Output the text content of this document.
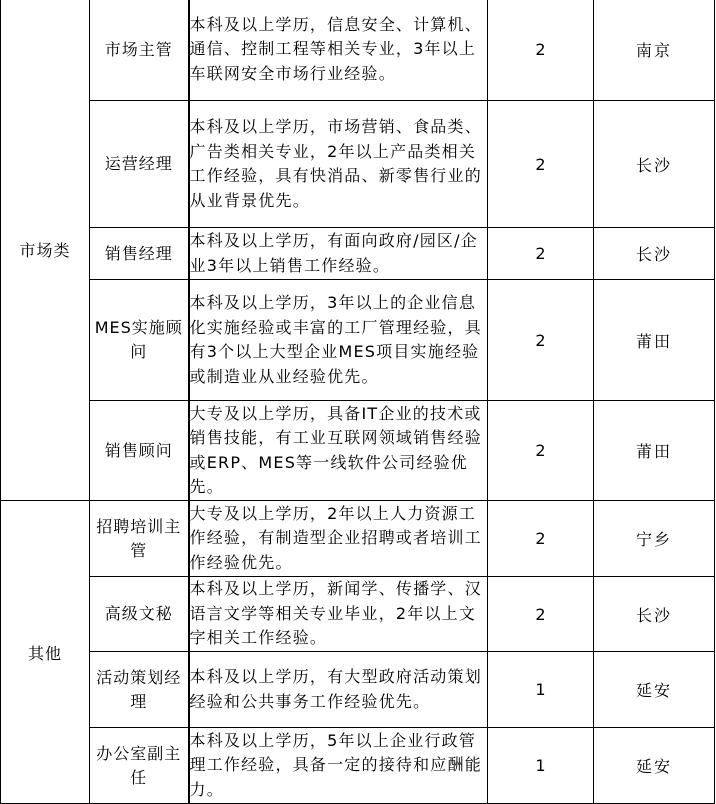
市场类	市场主管	本科及以上学历，信息安全、计算机、通信、控制工程等相关专业，3年以上车联网安全市场行业经验。	2	南京
	运营经理	本科及以上学历，市场营销、食品类、广告类相关专业，2年以上产品类相关工作经验，具有快消品、新零售行业的从业背景优先。	2	长沙
	销售经理	本科及以上学历，有面向政府/园区/企业3年以上销售工作经验。	2	长沙
	MES实施顾问	本科及以上学历，3年以上的企业信息化实施经验或丰富的工厂管理经验，具有3个以上大型企业MES项目实施经验或制造业从业经验优先。	2	莆田
	销售顾问	大专及以上学历，具备IT企业的技术或销售技能，有工业互联网领域销售经验或ERP、MES等一线软件公司经验优先。	2	莆田
其他	招聘培训主管	大专及以上学历，2年以上人力资源工作经验，有制造型企业招聘或者培训工作经验优先。	2	宁乡
	高级文秘	本科及以上学历，新闻学、传播学、汉语言文学等相关专业毕业，2年以上文字相关工作经验。	2	长沙
	活动策划经理	本科及以上学历，有大型政府活动策划经验和公共事务工作经验优先。	1	延安
	办公室副主任	本科及以上学历，5年以上企业行政管理工作经验，具备一定的接待和应酬能力。	1	延安
